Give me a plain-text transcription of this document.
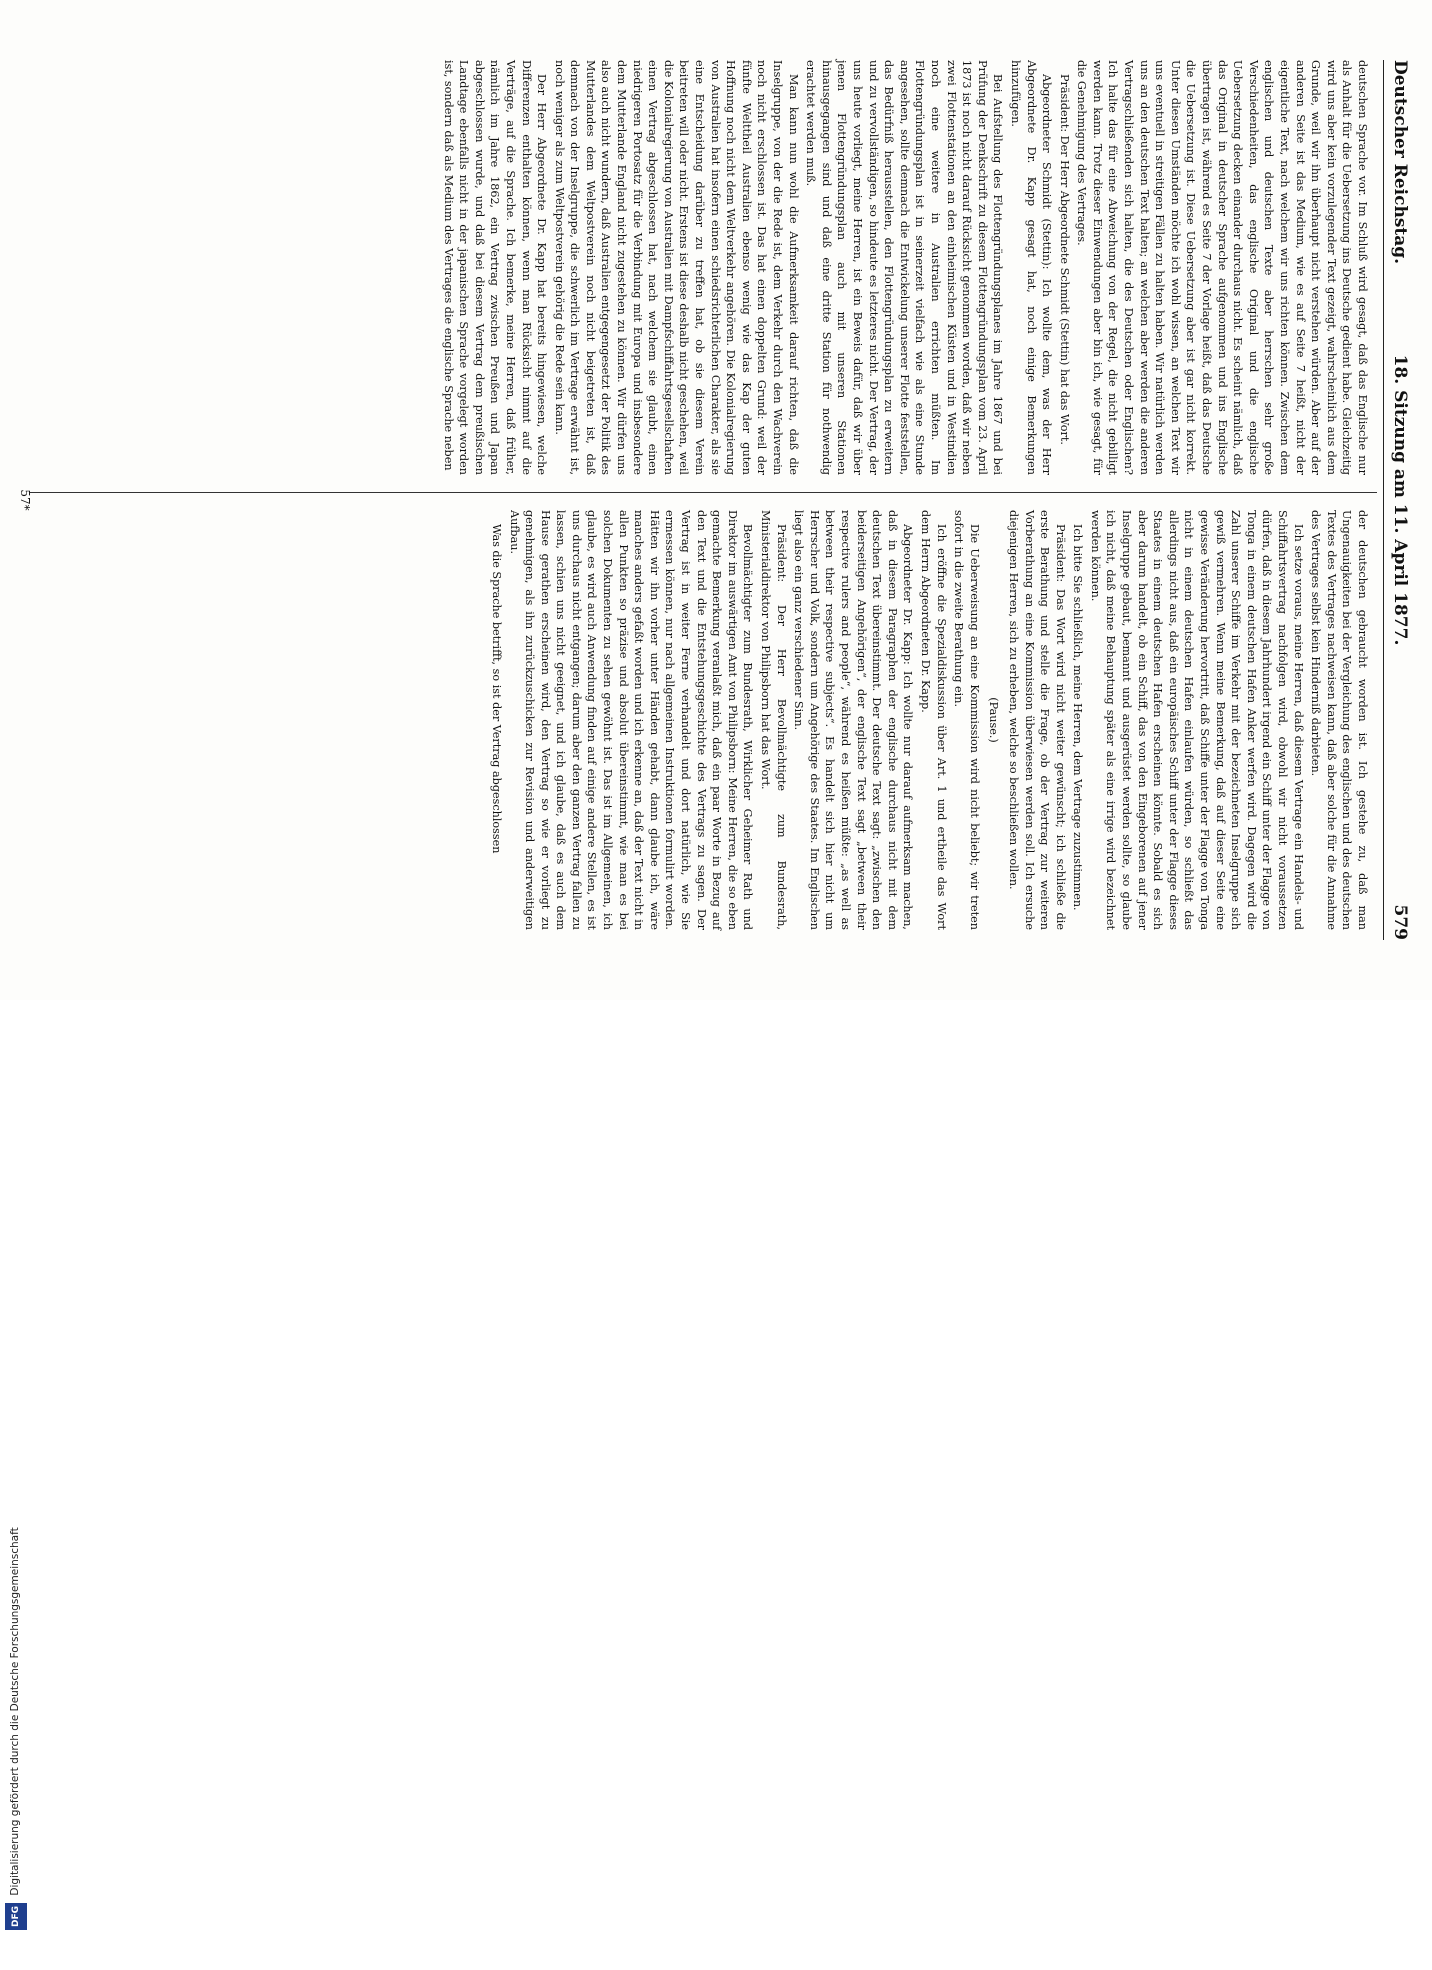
DFG Digitalisierung gefördert durch die Deutsche Forschungsgemeinschaft
Deutscher Reichstag.
18. Sitzung am 11. April 1877.
579

deutschen Sprache vor. Im Schluß wird gesagt, daß das Englische nur als Anhalt für die Uebersetzung ins Deutsche gedient habe. Gleichzeitig wird uns aber kein vorzulegender Text gezeigt, wahrscheinlich aus dem Grunde, weil wir ihn überhaupt nicht verstehen würden. Aber auf der anderen Seite ist das Medium, wie es auf Seite 7 heißt, nicht der eigentliche Text, nach welchem wir uns richten können. Zwischen dem englischen und deutschen Texte aber herrschen sehr große Verschiedenheiten, das englische Original und die englische Uebersetzung decken einander durchaus nicht. Es scheint nämlich, daß das Original in deutscher Sprache aufgenommen und ins Englische übertragen ist, während es Seite 7 der Vorlage heißt, daß das Deutsche die Uebersetzung ist. Diese Uebersetzung aber ist gar nicht korrekt. Unter diesen Umständen möchte ich wohl wissen, an welchen Text wir uns eventuell in streitigen Fällen zu halten haben. Wir natürlich werden uns an den deutschen Text halten; an welchen aber werden die anderen Vertragschließenden sich halten, die des Deutschen oder Englischen? Ich halte das für eine Abweichung von der Regel, die nicht gebilligt werden kann. Trotz dieser Einwendungen aber bin ich, wie gesagt, für die Genehmigung des Vertrages.

Präsident: Der Herr Abgeordnete Schmidt (Stettin) hat das Wort.

Abgeordneter Schmidt (Stettin): Ich wollte dem, was der Herr Abgeordnete Dr. Kapp gesagt hat, noch einige Bemerkungen hinzufügen.

Bei Aufstellung des Flottengründungsplanes im Jahre 1867 und bei Prüfung der Denkschrift zu diesem Flottengründungsplan vom 23. April 1873 ist noch nicht darauf Rücksicht genommen worden, daß wir neben zwei Flottenstationen an den einheimischen Küsten und in Westindien noch eine weitere in Australien errichten müßten. Im Flottengründungsplan ist in seinerzeit vielfach wie als eine Stunde angesehen, sollte demnach die Entwickelung unserer Flotte feststellen, das Bedürfniß herausstellen, den Flottengründungsplan zu erweitern und zu vervollständigen, so hindeute es letzteres nicht. Der Vertrag, der uns heute vorliegt, meine Herren, ist ein Beweis dafür, daß wir über jenen Flottengründungsplan auch mit unseren Stationen hinausgegangen sind und daß eine dritte Station für nothwendig erachtet werden muß.

Man kann nun wohl die Aufmerksamkeit darauf richten, daß die Inselgruppe, von der die Rede ist, dem Verkehr durch den Wachverein noch nicht erschlossen ist. Das hat einen doppelten Grund: weil der fünfte Welttheil Australien ebenso wenig wie das Kap der guten Hoffnung noch nicht dem Weltverkehr angehören. Die Kolonialregierung von Australien hat insofern einen schiedsrichterlichen Charakter, als sie eine Entscheidung darüber zu treffen hat, ob sie diesem Verein beitreten will oder nicht. Erstens ist diese deshalb nicht geschehen, weil die Kolonialregierung von Australien mit Dampfschiffahrtsgesellschaften einen Vertrag abgeschlossen hat, nach welchem sie glaubt, einen niedrigeren Portosatz für die Verbindung mit Europa und insbesondere dem Mutterlande England nicht zugestehen zu können. Wir dürfen uns also auch nicht wundern, daß Australien entgegengesetzt der Politik des Mutterlandes dem Weltpostverein noch nicht beigetreten ist, daß demnach von der Inselgruppe, die schwerlich im Vertrage erwähnt ist, noch weniger als zum Weltpostverein gehörig die Rede sein kann.

Der Herr Abgeordnete Dr. Kapp hat bereits hingewiesen, welche Differenzen enthalten können, wenn man Rücksicht nimmt auf die Verträge, auf die Sprache. Ich bemerke, meine Herren, daß früher, nämlich im Jahre 1862, ein Vertrag zwischen Preußen und Japan abgeschlossen wurde, und daß bei diesem Vertrag dem preußischen Landtage ebenfalls nicht in der japanischen Sprache vorgelegt worden ist, sondern daß als Medium des Vertrages die englische Sprache neben

der deutschen gebraucht worden ist. Ich gestehe zu, daß man Ungenauigkeiten bei der Vergleichung des englischen und des deutschen Textes des Vertrages nachweisen kann, daß aber solche für die Annahme des Vertrages selbst kein Hinderniß darbieten.

Ich setze voraus, meine Herren, daß diesem Vertrage ein Handels- und Schiffahrtsvertrag nachfolgen wird, obwohl wir nicht voraussetzen dürfen, daß in diesem Jahrhundert irgend ein Schiff unter der Flagge von Tonga in einem deutschen Hafen Anker werfen wird. Dagegen wird die Zahl unserer Schiffe im Verkehr mit der bezeichneten Inselgruppe sich gewiß vermehren. Wenn meine Bemerkung, daß auf dieser Seite eine gewisse Veränderung hervortritt, daß Schiffe unter der Flagge von Tonga nicht in einem deutschen Hafen einlaufen würden, so schließt das allerdings nicht aus, daß ein europäisches Schiff unter der Flagge dieses Staates in einem deutschen Hafen erscheinen könnte. Sobald es sich aber darum handelt, ob ein Schiff, das von den Eingeborenen auf jener Inselgruppe gebaut, bemannt und ausgerüstet werden sollte, so glaube ich nicht, daß meine Behauptung später als eine irrige wird bezeichnet werden können.

Ich bitte Sie schließlich, meine Herren, dem Vertrage zuzustimmen.

Präsident: Das Wort wird nicht weiter gewünscht; ich schließe die erste Berathung und stelle die Frage, ob der Vertrag zur weiteren Vorberathung an eine Kommission überwiesen werden soll. Ich ersuche diejenigen Herren, sich zu erheben, welche so beschließen wollen.

(Pause.)

Die Ueberweisung an eine Kommission wird nicht beliebt; wir treten sofort in die zweite Berathung ein.

Ich eröffne die Spezialdiskussion über Art. 1 und ertheile das Wort dem Herrn Abgeordneten Dr. Kapp.

Abgeordneter Dr. Kapp: Ich wollte nur darauf aufmerksam machen, daß in diesem Paragraphen der englische durchaus nicht mit dem deutschen Text übereinstimmt. Der deutsche Text sagt: „zwischen den beiderseitigen Angehörigen“, der englische Text sagt „between their respective rulers and people“, während es heißen müßte: „as well as between their respective subjects“. Es handelt sich hier nicht um Herrscher und Volk, sondern um Angehörige des Staates. Im Englischen liegt also ein ganz verschiedener Sinn.

Präsident: Der Herr Bevollmächtigte zum Bundesrath, Ministerialdirektor von Philipsborn hat das Wort.

Bevollmächtigter zum Bundesrath, Wirklicher Geheimer Rath und Direktor im auswärtigen Amt von Philipsborn: Meine Herren, die so eben gemachte Bemerkung veranlaßt mich, daß ein paar Worte in Bezug auf den Text und die Entstehungsgeschichte des Vertrags zu sagen. Der Vertrag ist in weiter Ferne verhandelt und dort natürlich, wie Sie ermessen können, nur nach allgemeinen Instruktionen formulirt worden. Hätten wir ihn vorher unter Händen gehabt, dann glaube ich, wäre manches anders gefaßt worden und ich erkenne an, daß der Text nicht in allen Punkten so präzise und absolut übereinstimmt, wie man es bei solchen Dokumenten zu sehen gewöhnt ist. Das ist im Allgemeinen, ich glaube, es wird auch Anwendung finden auf einige andere Stellen, es ist uns durchaus nicht entgangen; darum aber den ganzen Vertrag fallen zu lassen, schien uns nicht geeignet, und ich glaube, daß es auch dem Hause gerathen erscheinen wird, den Vertrag so wie er vorliegt zu genehmigen, als ihn zurückzuschicken zur Revision und anderweitigen Aufbau.

Was die Sprache betrifft, so ist der Vertrag abgeschlossen

57*
